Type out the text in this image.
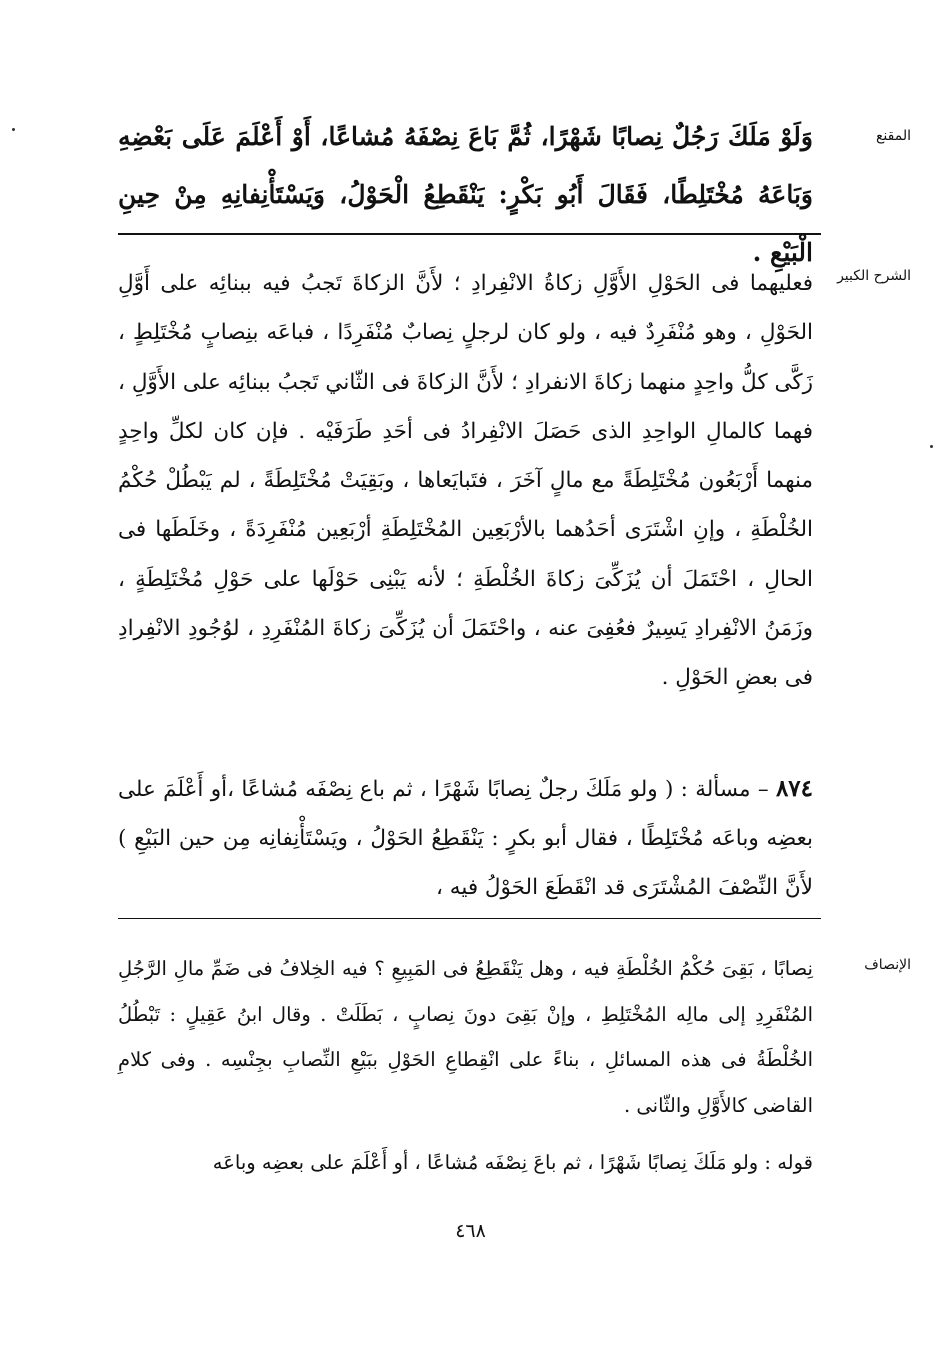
المقنع

وَلَوْ مَلَكَ رَجُلٌ نِصابًا شَهْرًا، ثُمَّ بَاعَ نِصْفَهُ مُشاعًا، أَوْ أَعْلَمَ عَلَى بَعْضِهِ وَبَاعَهُ مُخْتَلِطًا، فَقَالَ أَبُو بَكْرٍ: يَنْقَطِعُ الْحَوْلُ، وَيَسْتَأْنِفانِهِ مِنْ حِينِ الْبَيْعِ .

الشرح الكبير

فعليهما فى الحَوْلِ الأَوَّلِ زكاةُ الانْفِرادِ ؛ لأَنَّ الزكاةَ تَجبُ فيه ببنائِه على أَوَّلِ الحَوْلِ ، وهو مُنْفَرِدٌ فيه ، ولو كان لرجلٍ نِصابٌ مُنْفَرِدًا ، فباعَه بنِصابٍ مُخْتَلِطٍ ، زَكَّى كلُّ واحِدٍ منهما زكاةَ الانفرادِ ؛ لأَنَّ الزكاةَ فى الثّاني تَجبُ ببنائِه على الأَوَّلِ ، فهما كالمالِ الواحِدِ الذى حَصَلَ الانْفِرادُ فى أحَدِ طَرَفَيْه . فإن كان لكلِّ واحِدٍ منهما أَرْبَعُون مُخْتَلِطَةً مع مالٍ آخَرَ ، فتَبايَعاها ، وبَقِيَتْ مُخْتَلِطَةً ، لم يَبْطُلْ حُكْمُ الخُلْطَةِ ، وإنِ اشْتَرَى أحَدُهما بالأرْبَعِين المُخْتَلِطَةِ أرْبَعِين مُنْفَرِدَةً ، وخَلَطَها فى الحالِ ، احْتَمَلَ أن يُزَكِّىَ زكاةَ الخُلْطَةِ ؛ لأنه يَبْنِى حَوْلَها على حَوْلِ مُخْتَلِطَةٍ ، وزَمَنُ الانْفِرادِ يَسِيرٌ فعُفِىَ عنه ، واحْتَمَلَ أن يُزَكِّىَ زكاةَ المُنْفَرِدِ ، لوُجُودِ الانْفِرادِ فى بعضِ الحَوْلِ .

٨٧٤ – مسألة : ( ولو مَلَكَ رجلٌ نِصابًا شَهْرًا ، ثم باع نِصْفَه مُشاعًا ،أو أَعْلَمَ على بعضِه وباعَه مُخْتَلِطًا ، فقال أبو بكرٍ : يَنْقَطِعُ الحَوْلُ ، ويَسْتَأْنِفانِه مِن حين البَيْعِ ) لأَنَّ النِّصْفَ المُشْتَرَى قد انْقَطَعَ الحَوْلُ فيه ،

الإنصاف

نِصابًا ، بَقِىَ حُكْمُ الخُلْطَةِ فيه ، وهل يَنْقَطِعُ فى المَبِيعِ ؟ فيه الخِلافُ فى ضَمِّ مالِ الرَّجُلِ المُنْفَرِدِ إلى مالِه المُخْتَلِطِ ، وإنْ بَقِىَ دونَ نِصابٍ ، بَطَلَتْ . وقال ابنُ عَقِيلٍ : تَبْطُلُ الخُلْطَةُ فى هذه المسائلِ ، بناءً على انْقِطاعِ الحَوْلِ ببَيْعِ النِّصابِ بجِنْسِه . وفى كلامِ القاضى كالأَوَّلِ والثّانى .

قوله : ولو مَلَكَ نِصابًا شَهْرًا ، ثم باعَ نِصْفَه مُشاعًا ، أو أَعْلَمَ على بعضِه وباعَه

٤٦٨
